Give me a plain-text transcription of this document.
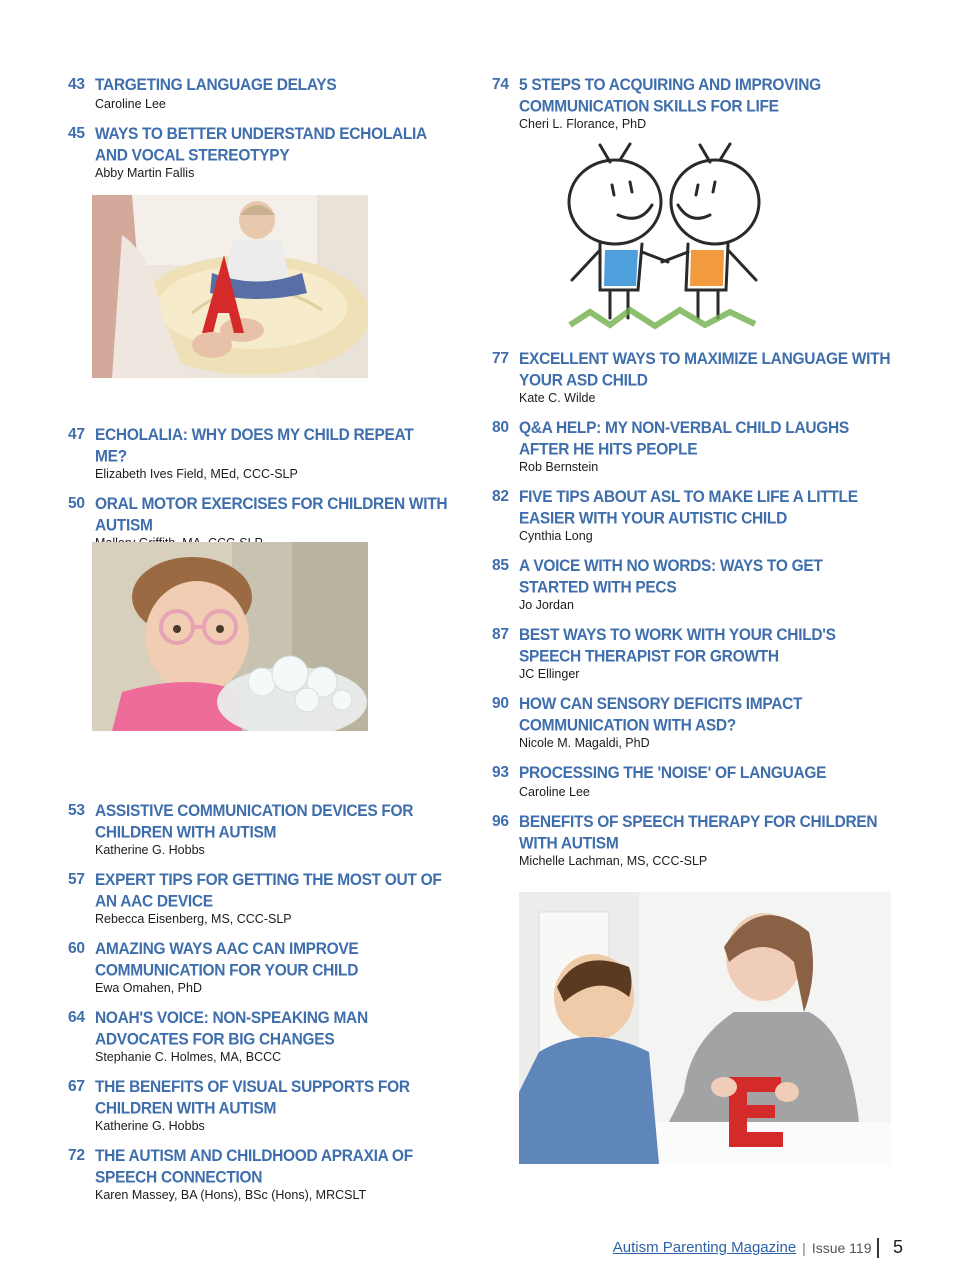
43 TARGETING LANGUAGE DELAYS
Caroline Lee
45 WAYS TO BETTER UNDERSTAND ECHOLALIA AND VOCAL STEREOTYPY
Abby Martin Fallis
47 ECHOLALIA: WHY DOES MY CHILD REPEAT ME?
Elizabeth Ives Field, MEd, CCC-SLP
50 ORAL MOTOR EXERCISES FOR CHILDREN WITH AUTISM
53 ASSISTIVE COMMUNICATION DEVICES FOR CHILDREN WITH AUTISM
Katherine G. Hobbs
57 EXPERT TIPS FOR GETTING THE MOST OUT OF AN AAC DEVICE
Rebecca Eisenberg, MS, CCC-SLP
60 AMAZING WAYS AAC CAN IMPROVE COMMUNICATION FOR YOUR CHILD
Ewa Omahen, PhD
64 NOAH'S VOICE: NON-SPEAKING MAN ADVOCATES FOR BIG CHANGES
Stephanie C. Holmes, MA, BCCC
67 THE BENEFITS OF VISUAL SUPPORTS FOR CHILDREN WITH AUTISM
Katherine G. Hobbs
72 THE AUTISM AND CHILDHOOD APRAXIA OF SPEECH CONNECTION
Karen Massey, BA (Hons), BSc (Hons), MRCSLT
74 5 STEPS TO ACQUIRING AND IMPROVING COMMUNICATION SKILLS FOR LIFE
Cheri L. Florance, PhD
77 EXCELLENT WAYS TO MAXIMIZE LANGUAGE WITH YOUR ASD CHILD
Kate C. Wilde
80 Q&A HELP: MY NON-VERBAL CHILD LAUGHS AFTER HE HITS PEOPLE
Rob Bernstein
82 FIVE TIPS ABOUT ASL TO MAKE LIFE A LITTLE EASIER WITH YOUR AUTISTIC CHILD
Cynthia Long
85 A VOICE WITH NO WORDS: WAYS TO GET STARTED WITH PECS
Jo Jordan
87 BEST WAYS TO WORK WITH YOUR CHILD'S SPEECH THERAPIST FOR GROWTH
JC Ellinger
90 HOW CAN SENSORY DEFICITS IMPACT COMMUNICATION WITH ASD?
Nicole M. Magaldi, PhD
93 PROCESSING THE 'NOISE' OF LANGUAGE
Caroline Lee
96 BENEFITS OF SPEECH THERAPY FOR CHILDREN WITH AUTISM
Michelle Lachman, MS, CCC-SLP
A
E
Autism Parenting Magazine | Issue 119 5
